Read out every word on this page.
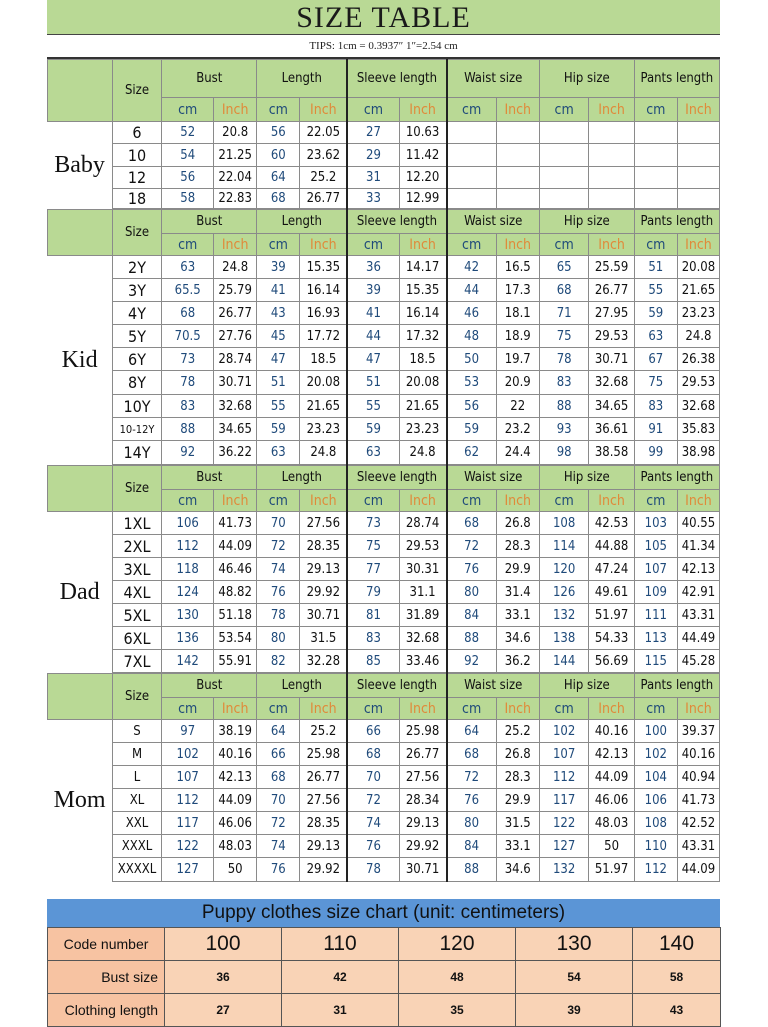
SIZE TABLE
TIPS: 1cm = 0.3937″ 1″=2.54 cm
	Size	Bust		Length		Sleeve length		Waist size		Hip size		Pants length	
		cm	Inch	cm	Inch	cm	Inch	cm	Inch	cm	Inch	cm	Inch
Baby	6	52	20.8	56	22.05	27	10.63						
	10	54	21.25	60	23.62	29	11.42						
	12	56	22.04	64	25.2	31	12.20						
	18	58	22.83	68	26.77	33	12.99						
	Size	Bust		Length		Sleeve length		Waist size		Hip size		Pants length	
		cm	Inch	cm	Inch	cm	Inch	cm	Inch	cm	Inch	cm	Inch
Kid	2Y	63	24.8	39	15.35	36	14.17	42	16.5	65	25.59	51	20.08
	3Y	65.5	25.79	41	16.14	39	15.35	44	17.3	68	26.77	55	21.65
	4Y	68	26.77	43	16.93	41	16.14	46	18.1	71	27.95	59	23.23
	5Y	70.5	27.76	45	17.72	44	17.32	48	18.9	75	29.53	63	24.8
	6Y	73	28.74	47	18.5	47	18.5	50	19.7	78	30.71	67	26.38
	8Y	78	30.71	51	20.08	51	20.08	53	20.9	83	32.68	75	29.53
	10Y	83	32.68	55	21.65	55	21.65	56	22	88	34.65	83	32.68
	10-12Y	88	34.65	59	23.23	59	23.23	59	23.2	93	36.61	91	35.83
	14Y	92	36.22	63	24.8	63	24.8	62	24.4	98	38.58	99	38.98
	Size	Bust		Length		Sleeve length		Waist size		Hip size		Pants length	
		cm	Inch	cm	Inch	cm	Inch	cm	Inch	cm	Inch	cm	Inch
Dad	1XL	106	41.73	70	27.56	73	28.74	68	26.8	108	42.53	103	40.55
	2XL	112	44.09	72	28.35	75	29.53	72	28.3	114	44.88	105	41.34
	3XL	118	46.46	74	29.13	77	30.31	76	29.9	120	47.24	107	42.13
	4XL	124	48.82	76	29.92	79	31.1	80	31.4	126	49.61	109	42.91
	5XL	130	51.18	78	30.71	81	31.89	84	33.1	132	51.97	111	43.31
	6XL	136	53.54	80	31.5	83	32.68	88	34.6	138	54.33	113	44.49
	7XL	142	55.91	82	32.28	85	33.46	92	36.2	144	56.69	115	45.28
	Size	Bust		Length		Sleeve length		Waist size		Hip size		Pants length	
		cm	Inch	cm	Inch	cm	Inch	cm	Inch	cm	Inch	cm	Inch
Mom	S	97	38.19	64	25.2	66	25.98	64	25.2	102	40.16	100	39.37
	M	102	40.16	66	25.98	68	26.77	68	26.8	107	42.13	102	40.16
	L	107	42.13	68	26.77	70	27.56	72	28.3	112	44.09	104	40.94
	XL	112	44.09	70	27.56	72	28.34	76	29.9	117	46.06	106	41.73
	XXL	117	46.06	72	28.35	74	29.13	80	31.5	122	48.03	108	42.52
	XXXL	122	48.03	74	29.13	76	29.92	84	33.1	127	50	110	43.31
	XXXXL	127	50	76	29.92	78	30.71	88	34.6	132	51.97	112	44.09
Puppy clothes size chart (unit: centimeters)
Code number	100	110	120	130	140
Bust size	36	42	48	54	58
Clothing length	27	31	35	39	43
